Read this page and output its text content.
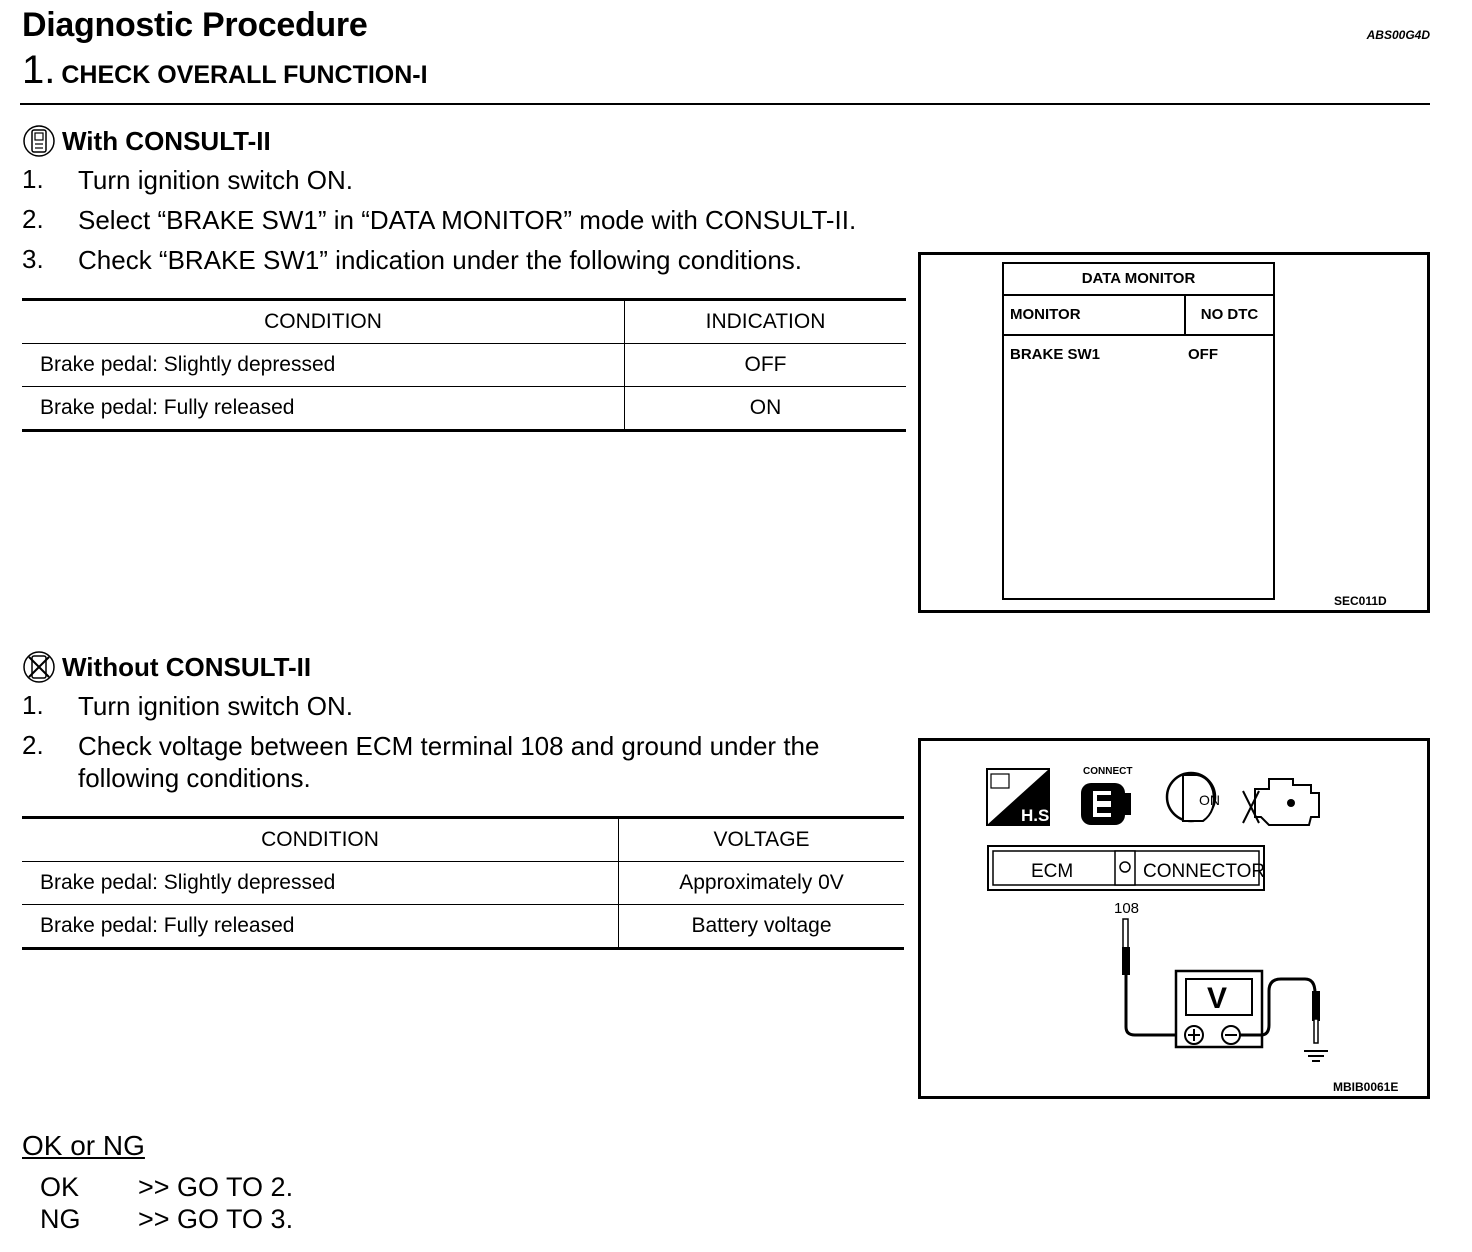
Diagnostic Procedure	ABS00G4D
1. CHECK OVERALL FUNCTION-I
With CONSULT-II
1.	Turn ignition switch ON.
2.	Select “BRAKE SW1” in “DATA MONITOR” mode with CONSULT-II.
3.	Check “BRAKE SW1” indication under the following conditions.
CONDITION	INDICATION
Brake pedal: Slightly depressed	OFF
Brake pedal: Fully released	ON
DATA MONITOR
MONITOR	NO DTC
BRAKE SW1	OFF
SEC011D
Without CONSULT-II
1.	Turn ignition switch ON.
2.	Check voltage between ECM terminal 108 and ground under the following conditions.
CONDITION	VOLTAGE
Brake pedal: Slightly depressed	Approximately 0V
Brake pedal: Fully released	Battery voltage
H.S.
CONNECT
ON
ECM	CONNECTOR
108
V
MBIB0061E
OK or NG
OK	>> GO TO 2.
NG	>> GO TO 3.
